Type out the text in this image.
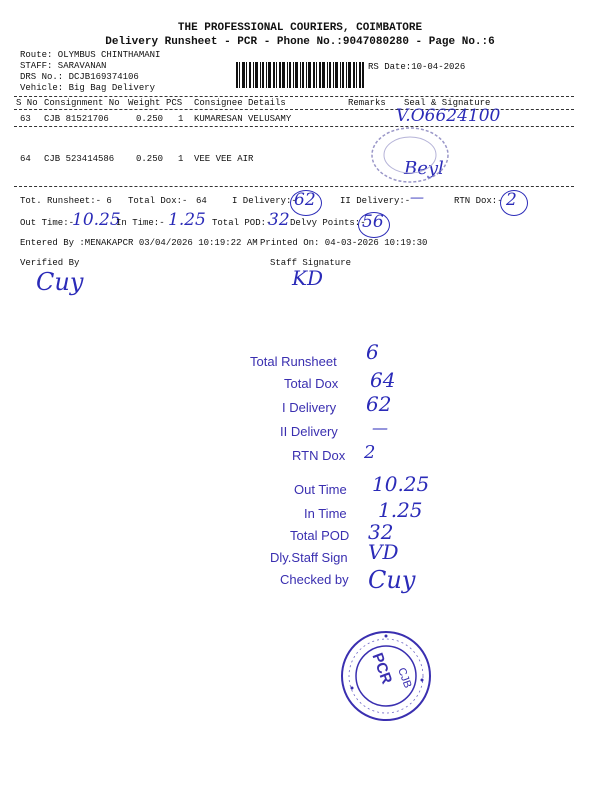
THE PROFESSIONAL COURIERS, COIMBATORE
Delivery Runsheet - PCR - Phone No.:9047080280 - Page No.:6
Route: OLYMBUS CHINTHAMANI
STAFF: SARAVANAN
DRS No.: DCJB169374106
Vehicle: Big Bag Delivery
RS Date:10-04-2026
S No Consignment No Weight PCS Consignee Details	Remarks Seal & Signature
63 CJB 81521706	0.250 1 KUMARESAN VELUSAMY	V.O6624100
64 CJB 523414586 0.250 1 VEE VEE AIR	Beyl
Tot. Runsheet:- 6 Total Dox:- 64	I Delivery:-
62	II Delivery:- —	RTN Dox:- 2
Out Time:-
10.25
In Time:- 1.25 Total POD:-
32 Delvy Points:-
56
Entered By :MENAKAPCR 03/04/2026 10:19:22 AM Printed On: 04-03-2026 10:19:30
Verified By
Cuy
Staff Signature
KD
Total Runsheet 6
Total Dox 64
I Delivery 62
II Delivery —
RTN Dox 2
Out Time 10.25
In Time 1.25
Total POD 32
Dly.Staff Sign VD
Checked by Cuy
PCR CJB
